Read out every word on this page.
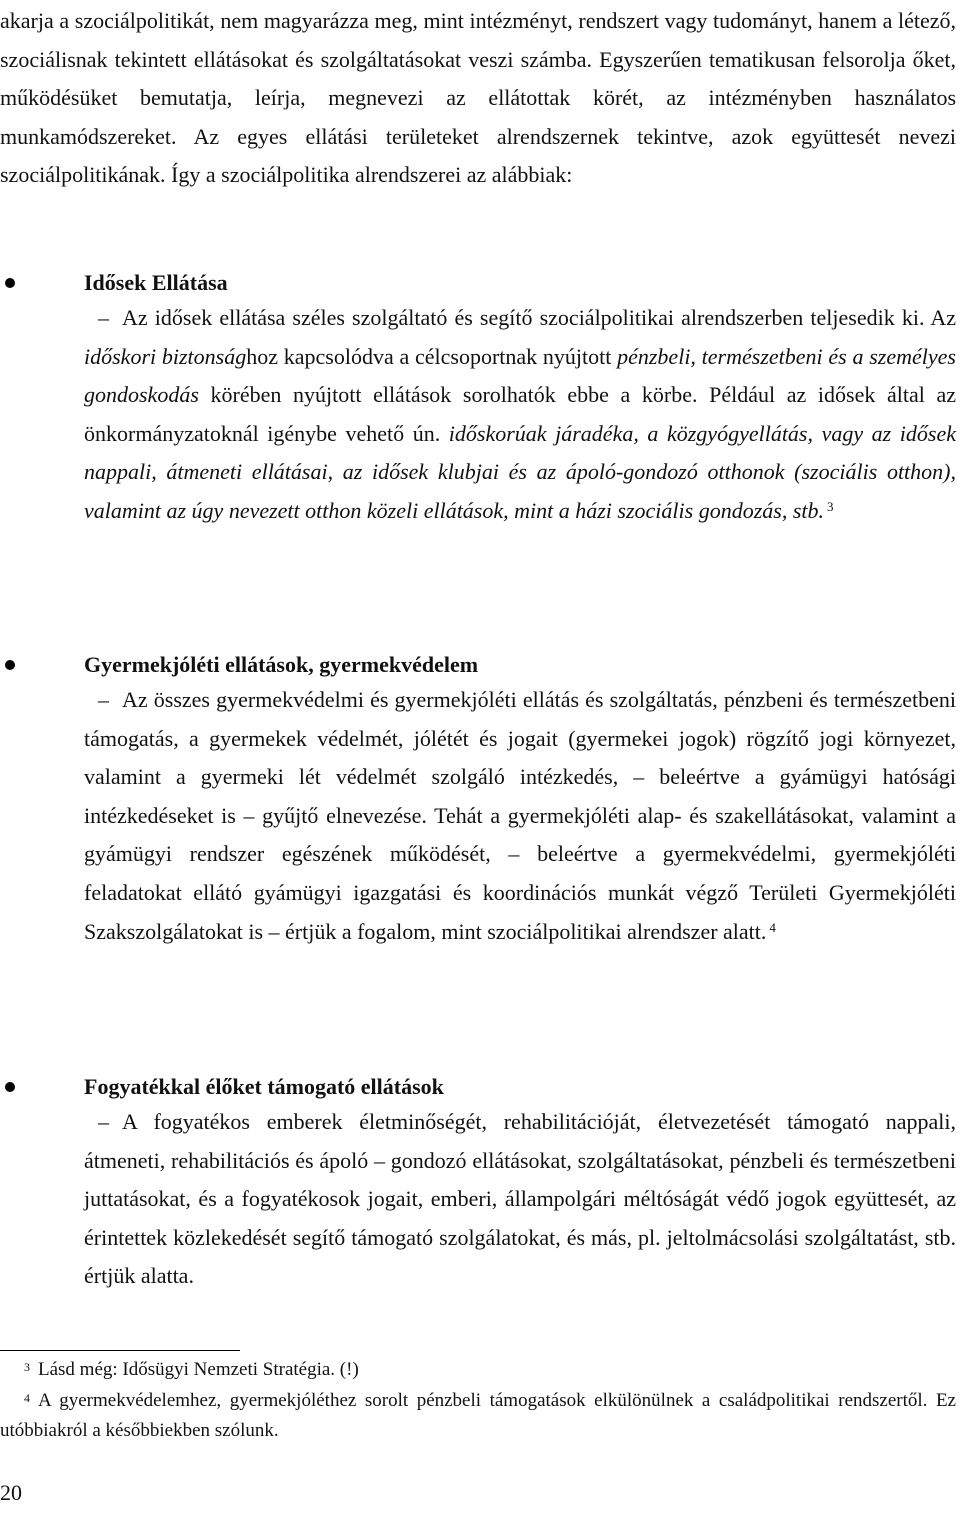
akarja a szociálpolitikát, nem magyarázza meg, mint intézményt, rendszert vagy tudományt, hanem a létező, szociálisnak tekintett ellátásokat és szolgáltatásokat veszi számba. Egyszerűen tematikusan felsorolja őket, működésüket bemutatja, leírja, megnevezi az ellátottak körét, az intézményben használatos munkamódszereket. Az egyes ellátási területeket alrendszernek tekintve, azok együttesét nevezi szociálpolitikának. Így a szociálpolitika alrendszerei az alábbiak:

Idősek Ellátása

– Az idősek ellátása széles szolgáltató és segítő szociálpolitikai alrendszerben teljesedik ki. Az időskori biztonsághoz kapcsolódva a célcsoportnak nyújtott pénzbeli, természetbeni és a személyes gondoskodás körében nyújtott ellátások sorolhatók ebbe a körbe. Például az idősek által az önkormányzatoknál igénybe vehető ún. időskorúak járadéka, a közgyógyellátás, vagy az idősek nappali, átmeneti ellátásai, az idősek klubjai és az ápoló-gondozó otthonok (szociális otthon), valamint az úgy nevezett otthon közeli ellátások, mint a házi szociális gondozás, stb. $^3$

Gyermekjóléti ellátások, gyermekvédelem

– Az összes gyermekvédelmi és gyermekjóléti ellátás és szolgáltatás, pénzbeni és természetbeni támogatás, a gyermekek védelmét, jólétét és jogait (gyermekei jogok) rögzítő jogi környezet, valamint a gyermeki lét védelmét szolgáló intézkedés, – beleértve a gyámügyi hatósági intézkedéseket is – gyűjtő elnevezése. Tehát a gyermekjóléti alap- és szakellátásokat, valamint a gyámügyi rendszer egészének működését, – beleértve a gyermekvédelmi, gyermekjóléti feladatokat ellátó gyámügyi igazgatási és koordinációs munkát végző Területi Gyermekjóléti Szakszolgálatokat is – értjük a fogalom, mint szociálpolitikai alrendszer alatt. $^4$

Fogyatékkal élőket támogató ellátások

– A fogyatékos emberek életminőségét, rehabilitációját, életvezetését támogató nappali, átmeneti, rehabilitációs és ápoló – gondozó ellátásokat, szolgáltatásokat, pénzbeli és természetbeni juttatásokat, és a fogyatékosok jogait, emberi, állampolgári méltóságát védő jogok együttesét, az érintettek közlekedését segítő támogató szolgálatokat, és más, pl. jeltolmácsolási szolgáltatást, stb. értjük alatta.

$^3$ Lásd még: Idősügyi Nemzeti Stratégia. (!)

$^4$ A gyermekvédelemhez, gyermekjóléthez sorolt pénzbeli támogatások elkülönülnek a családpolitikai rendszertől. Ez utóbbiakról a későbbiekben szólunk.

20
